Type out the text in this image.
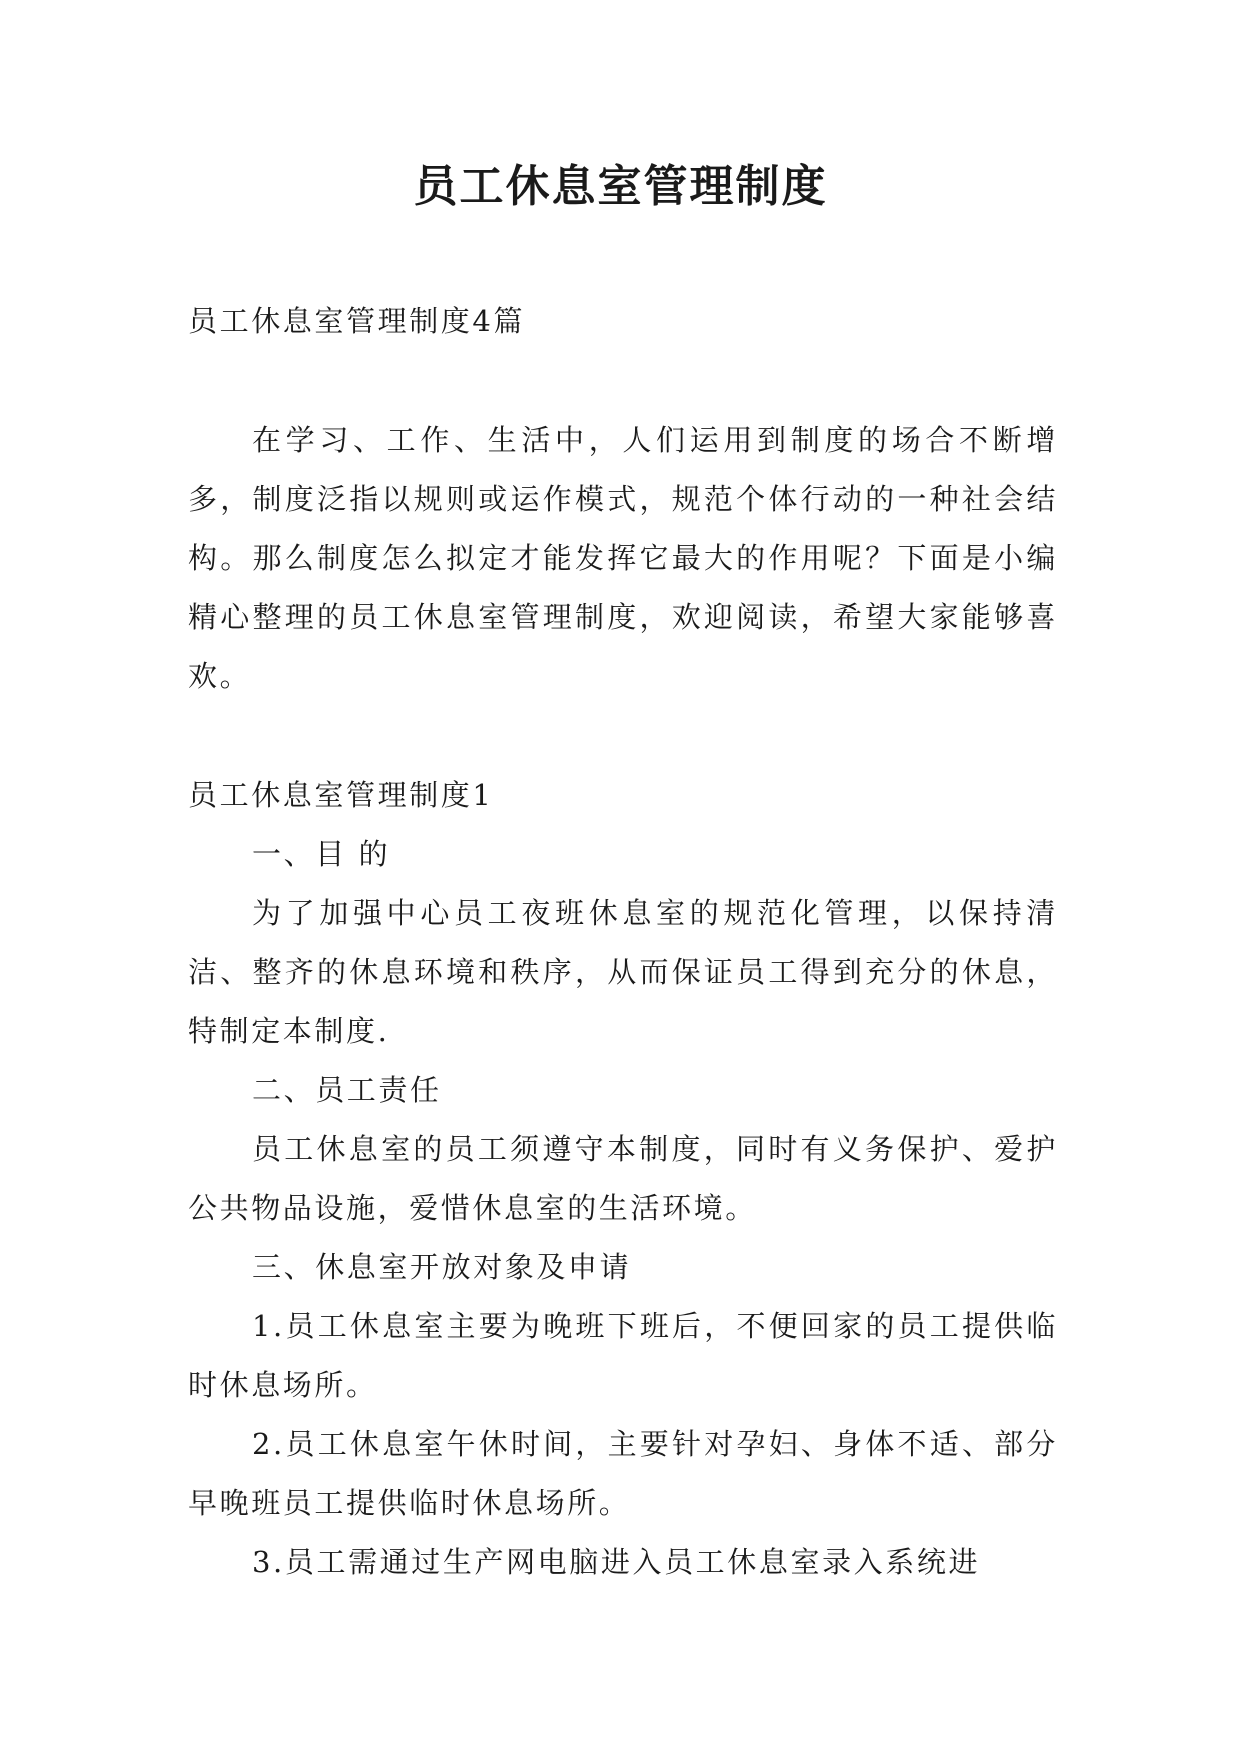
员工休息室管理制度

员工休息室管理制度4篇

在学习、工作、生活中，人们运用到制度的场合不断增多，制度泛指以规则或运作模式，规范个体行动的一种社会结构。那么制度怎么拟定才能发挥它最大的作用呢？下面是小编精心整理的员工休息室管理制度，欢迎阅读，希望大家能够喜欢。

员工休息室管理制度1

一、目 的

为了加强中心员工夜班休息室的规范化管理，以保持清洁、整齐的休息环境和秩序，从而保证员工得到充分的休息，特制定本制度.

二、员工责任

员工休息室的员工须遵守本制度，同时有义务保护、爱护公共物品设施，爱惜休息室的生活环境。

三、休息室开放对象及申请

1.员工休息室主要为晚班下班后，不便回家的员工提供临时休息场所。

2.员工休息室午休时间，主要针对孕妇、身体不适、部分早晚班员工提供临时休息场所。

3.员工需通过生产网电脑进入员工休息室录入系统进
